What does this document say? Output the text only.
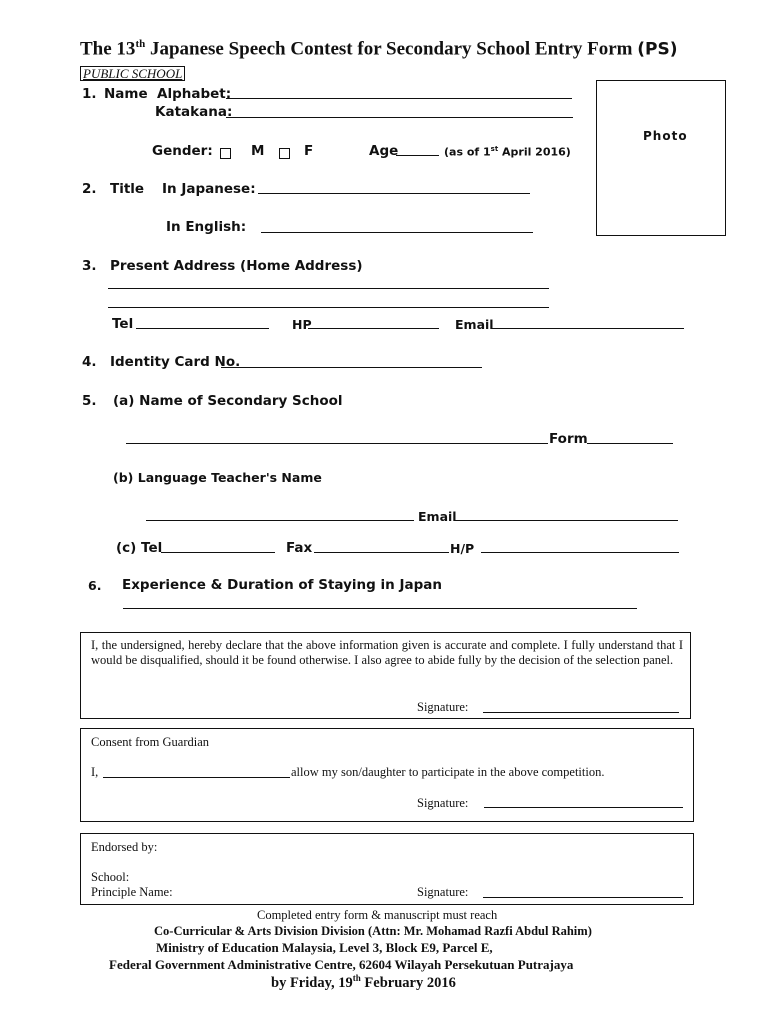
The 13th Japanese Speech Contest for Secondary School Entry Form (PS)
PUBLIC SCHOOL
Photo
1. Name Alphabet:
Katakana:
Gender:	M	F	Age	(as of 1st April 2016)
2. Title In Japanese:
In English:
3. Present Address (Home Address)
Tel	HP	Email
4. Identity Card No.
5. (a) Name of Secondary School
Form
(b) Language Teacher's Name
Email
(c) Tel	Fax	H/P
6. Experience & Duration of Staying in Japan
I, the undersigned, hereby declare that the above information given is accurate and complete. I fully understand that I would be disqualified, should it be found otherwise. I also agree to abide fully by the decision of the selection panel.
Signature:
Consent from Guardian
I,	allow my son/daughter to participate in the above competition.
Signature:
Endorsed by:
School:
Principle Name:	Signature:
Completed entry form & manuscript must reach
Co-Curricular & Arts Division Division (Attn: Mr. Mohamad Razfi Abdul Rahim)
Ministry of Education Malaysia, Level 3, Block E9, Parcel E,
Federal Government Administrative Centre, 62604 Wilayah Persekutuan Putrajaya
by Friday, 19th February 2016
